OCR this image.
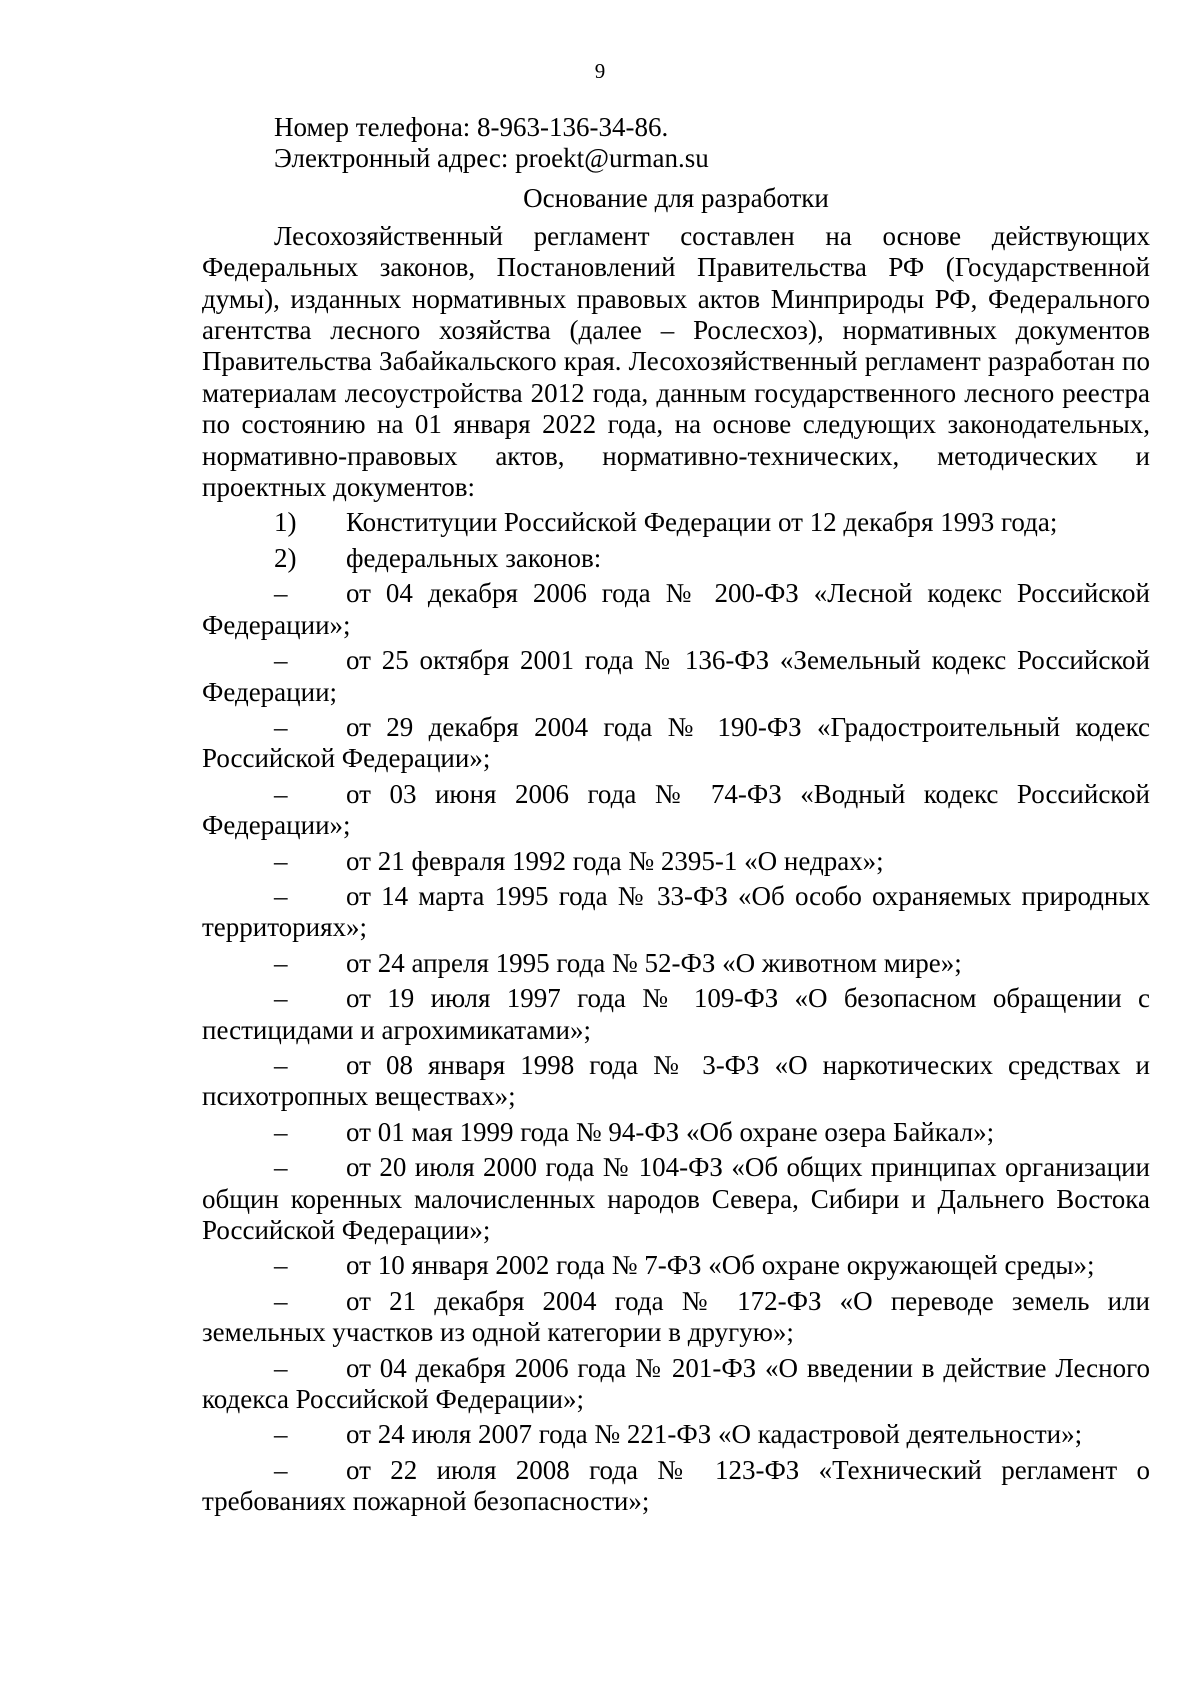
9

Номер телефона: 8-963-136-34-86.

Электронный адрес: proekt@urman.su

Основание для разработки

Лесохозяйственный регламент составлен на основе действующих Федеральных законов, Постановлений Правительства РФ (Государственной думы), изданных нормативных правовых актов Минприроды РФ, Федерального агентства лесного хозяйства (далее – Рослесхоз), нормативных документов Правительства Забайкальского края. Лесохозяйственный регламент разработан по материалам лесоустройства 2012 года, данным государственного лесного реестра по состоянию на 01 января 2022 года, на основе следующих законодательных, нормативно-правовых актов, нормативно-технических, методических и проектных документов:

1) Конституции Российской Федерации от 12 декабря 1993 года;

2) федеральных законов:

– от 04 декабря 2006 года № 200-ФЗ «Лесной кодекс Российской Федерации»;

– от 25 октября 2001 года № 136-ФЗ «Земельный кодекс Российской Федерации;

– от 29 декабря 2004 года № 190-ФЗ «Градостроительный кодекс Российской Федерации»;

– от 03 июня 2006 года № 74-ФЗ «Водный кодекс Российской Федерации»;

– от 21 февраля 1992 года № 2395-1 «О недрах»;

– от 14 марта 1995 года № 33-ФЗ «Об особо охраняемых природных территориях»;

– от 24 апреля 1995 года № 52-ФЗ «О животном мире»;

– от 19 июля 1997 года № 109-ФЗ «О безопасном обращении с пестицидами и агрохимикатами»;

– от 08 января 1998 года № 3-ФЗ «О наркотических средствах и психотропных веществах»;

– от 01 мая 1999 года № 94-ФЗ «Об охране озера Байкал»;

– от 20 июля 2000 года № 104-ФЗ «Об общих принципах организации общин коренных малочисленных народов Севера, Сибири и Дальнего Востока Российской Федерации»;

– от 10 января 2002 года № 7-ФЗ «Об охране окружающей среды»;

– от 21 декабря 2004 года № 172-ФЗ «О переводе земель или земельных участков из одной категории в другую»;

– от 04 декабря 2006 года № 201-ФЗ «О введении в действие Лесного кодекса Российской Федерации»;

– от 24 июля 2007 года № 221-ФЗ «О кадастровой деятельности»;

– от 22 июля 2008 года № 123-ФЗ «Технический регламент о требованиях пожарной безопасности»;
